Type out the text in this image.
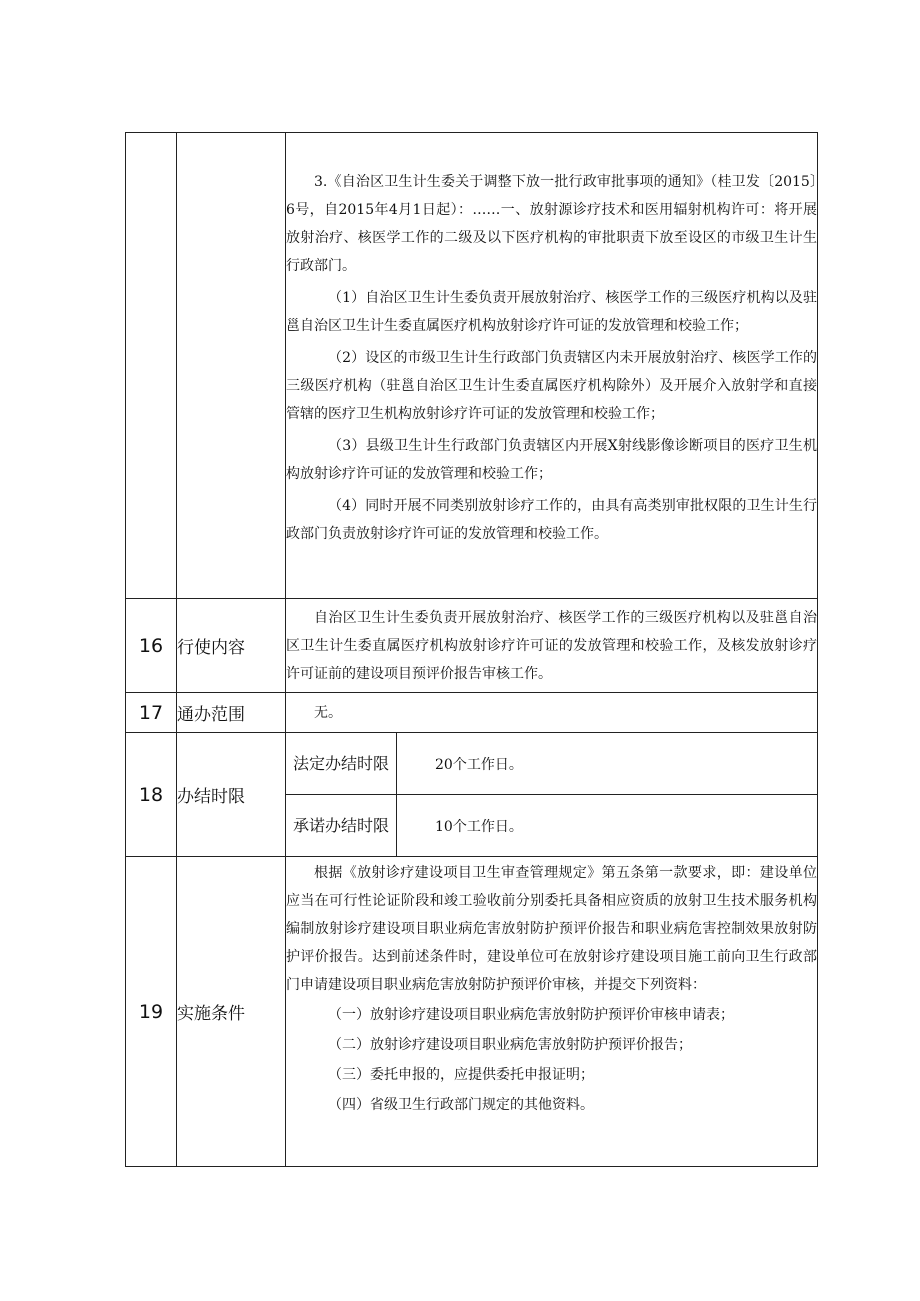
		3.《自治区卫生计生委关于调整下放一批行政审批事项的通知》（桂卫发〔2015〕6号，自2015年4月1日起）：……一、放射源诊疗技术和医用辐射机构许可：将开展放射治疗、核医学工作的二级及以下医疗机构的审批职责下放至设区的市级卫生计生行政部门。

（1）自治区卫生计生委负责开展放射治疗、核医学工作的三级医疗机构以及驻邕自治区卫生计生委直属医疗机构放射诊疗许可证的发放管理和校验工作；

（2）设区的市级卫生计生行政部门负责辖区内未开展放射治疗、核医学工作的三级医疗机构（驻邕自治区卫生计生委直属医疗机构除外）及开展介入放射学和直接管辖的医疗卫生机构放射诊疗许可证的发放管理和校验工作；

（3）县级卫生计生行政部门负责辖区内开展X射线影像诊断项目的医疗卫生机构放射诊疗许可证的发放管理和校验工作；

（4）同时开展不同类别放射诊疗工作的，由具有高类别审批权限的卫生计生行政部门负责放射诊疗许可证的发放管理和校验工作。	

16	行使内容	自治区卫生计生委负责开展放射治疗、核医学工作的三级医疗机构以及驻邕自治区卫生计生委直属医疗机构放射诊疗许可证的发放管理和校验工作，及核发放射诊疗许可证前的建设项目预评价报告审核工作。	

17	通办范围	无。	

18	办结时限	法定办结时限	20个工作日。

		承诺办结时限	10个工作日。

19	实施条件	根据《放射诊疗建设项目卫生审查管理规定》第五条第一款要求，即：建设单位应当在可行性论证阶段和竣工验收前分别委托具备相应资质的放射卫生技术服务机构编制放射诊疗建设项目职业病危害放射防护预评价报告和职业病危害控制效果放射防护评价报告。达到前述条件时，建设单位可在放射诊疗建设项目施工前向卫生行政部门申请建设项目职业病危害放射防护预评价审核，并提交下列资料：

（一）放射诊疗建设项目职业病危害放射防护预评价审核申请表；

（二）放射诊疗建设项目职业病危害放射防护预评价报告；

（三）委托申报的，应提供委托申报证明；

（四）省级卫生行政部门规定的其他资料。	
